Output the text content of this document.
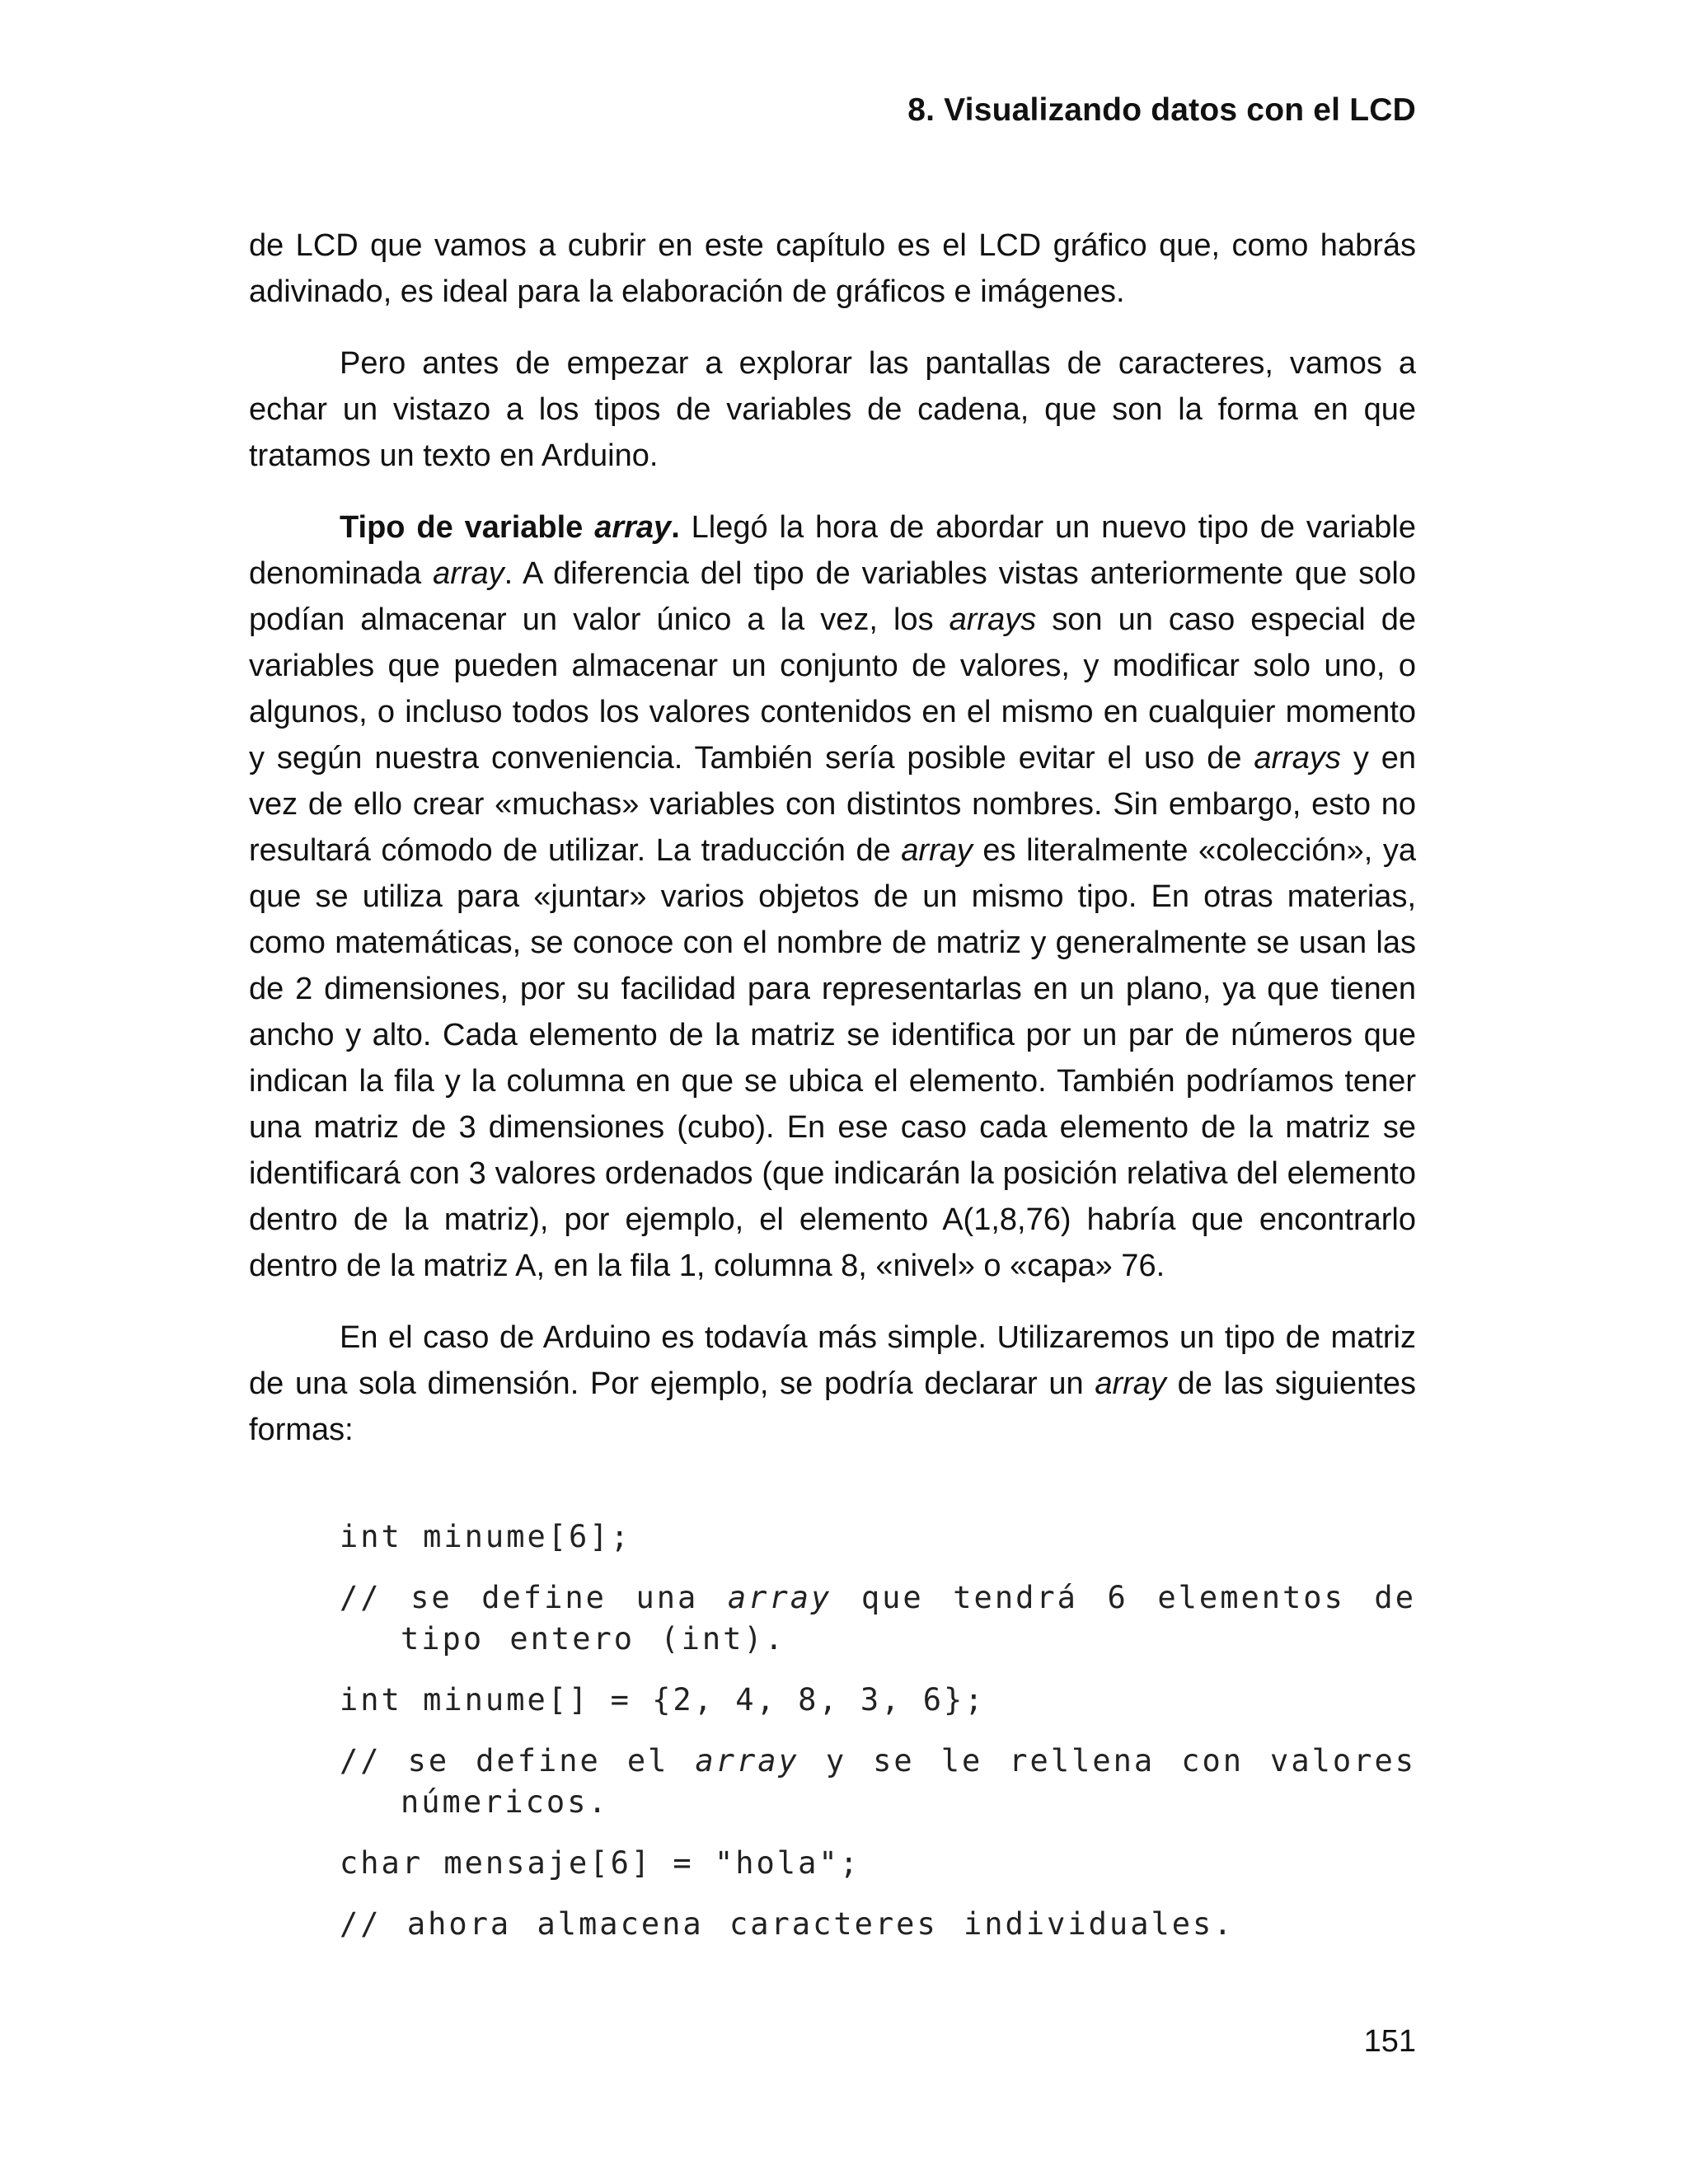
8. Visualizando datos con el LCD

de LCD que vamos a cubrir en este capítulo es el LCD gráfico que, como habrás adivinado, es ideal para la elaboración de gráficos e imágenes.

Pero antes de empezar a explorar las pantallas de caracteres, vamos a echar un vistazo a los tipos de variables de cadena, que son la forma en que tratamos un texto en Arduino.

Tipo de variable array. Llegó la hora de abordar un nuevo tipo de variable denominada array. A diferencia del tipo de variables vistas anteriormente que solo podían almacenar un valor único a la vez, los arrays son un caso especial de variables que pueden almacenar un conjunto de valores, y modificar solo uno, o algunos, o incluso todos los valores contenidos en el mismo en cualquier momento y según nuestra conveniencia. También sería posible evitar el uso de arrays y en vez de ello crear «muchas» variables con distintos nombres. Sin embargo, esto no resultará cómodo de utilizar. La traducción de array es literalmente «colección», ya que se utiliza para «juntar» varios objetos de un mismo tipo. En otras materias, como matemáticas, se conoce con el nombre de matriz y generalmente se usan las de 2 dimensiones, por su facilidad para representarlas en un plano, ya que tienen ancho y alto. Cada elemento de la matriz se identifica por un par de números que indican la fila y la columna en que se ubica el elemento. También podríamos tener una matriz de 3 dimensiones (cubo). En ese caso cada elemento de la matriz se identificará con 3 valores ordenados (que indicarán la posición relativa del elemento dentro de la matriz), por ejemplo, el elemento A(1,8,76) habría que encontrarlo dentro de la matriz A, en la fila 1, columna 8, «nivel» o «capa» 76.

En el caso de Arduino es todavía más simple. Utilizaremos un tipo de matriz de una sola dimensión. Por ejemplo, se podría declarar un array de las siguientes formas:

int minume[6];
// se define una array que tendrá 6 elementos de tipo entero (int).
int minume[] = {2, 4, 8, 3, 6};
// se define el array y se le rellena con valores númericos.
char mensaje[6] = "hola";
// ahora almacena caracteres individuales.
151
